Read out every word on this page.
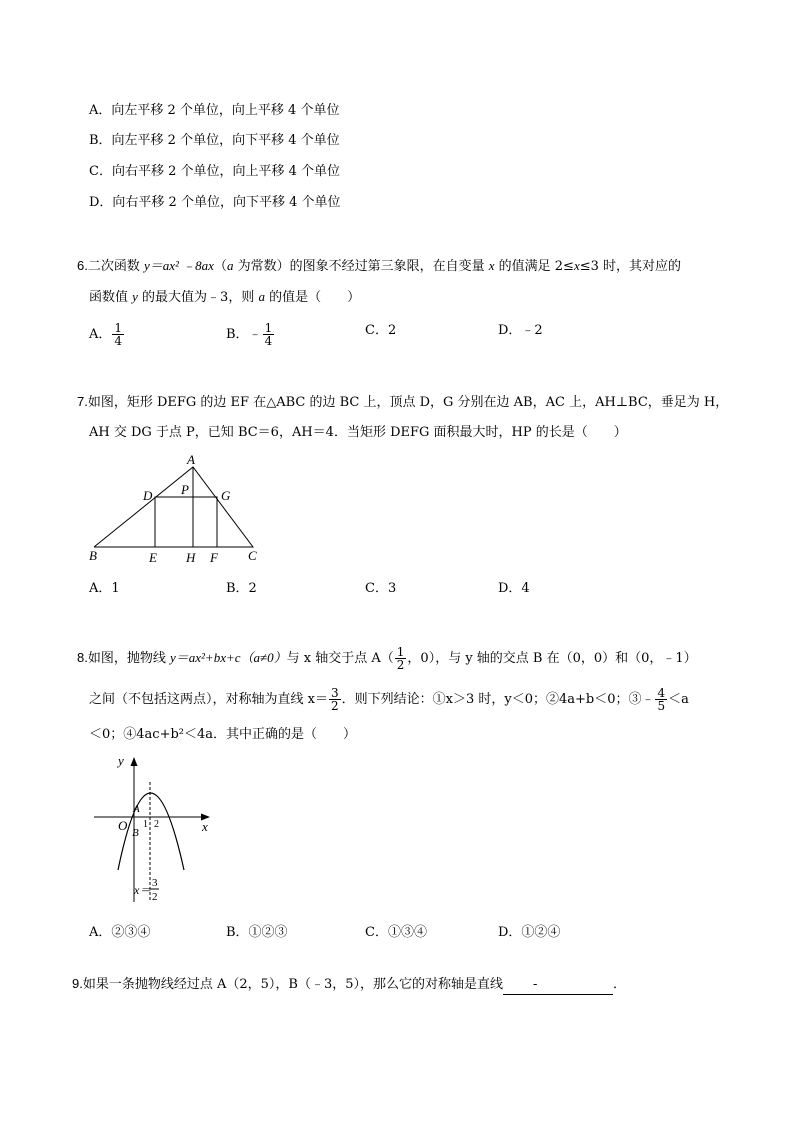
A．向左平移 2 个单位，向上平移 4 个单位
B．向左平移 2 个单位，向下平移 4 个单位
C．向右平移 2 个单位，向上平移 4 个单位
D．向右平移 2 个单位，向下平移 4 个单位
6.二次函数 y＝ax² ﹣8ax（a 为常数）的图象不经过第三象限，在自变量 x 的值满足 2≤x≤3 时，其对应的
函数值 y 的最大值为﹣3，则 a 的值是（　　）
A． $\frac{1}{4}$	B．﹣ $\frac{1}{4}$	C．2	D．﹣2
7.如图，矩形 DEFG 的边 EF 在△ABC 的边 BC 上，顶点 D，G 分别在边 AB，AC 上，AH⊥BC，垂足为 H，
AH 交 DG 于点 P，已知 BC＝6，AH＝4．当矩形 DEFG 面积最大时，HP 的长是（　　）
A
B	C
D
E	F
G
H
P
A．1	B．2	C．3	D．4
8.如图，抛物线 y＝ax²+bx+c（a≠0）与 x 轴交于点 $A( \frac{1}{2}$ ，0），与 y 轴的交点 B 在（0，0）和（0，﹣1）
之间（不包括这两点），对称轴为直线 $x= \frac{3}{2}$ ．则下列结论：①x＞3 时，y＜0；②4a+b＜0；③﹣ $\frac{4}{5} <a$
＜0；④4ac+b²＜4a．其中正确的是（　　）
y
x
O
A
B
1 2
x＝ 3
2
A．②③④	B．①②③	C．①③④	D．①②④
9.如果一条抛物线经过点 A（2，5），B（﹣3，5），那么它的对称轴是直线 -	．
